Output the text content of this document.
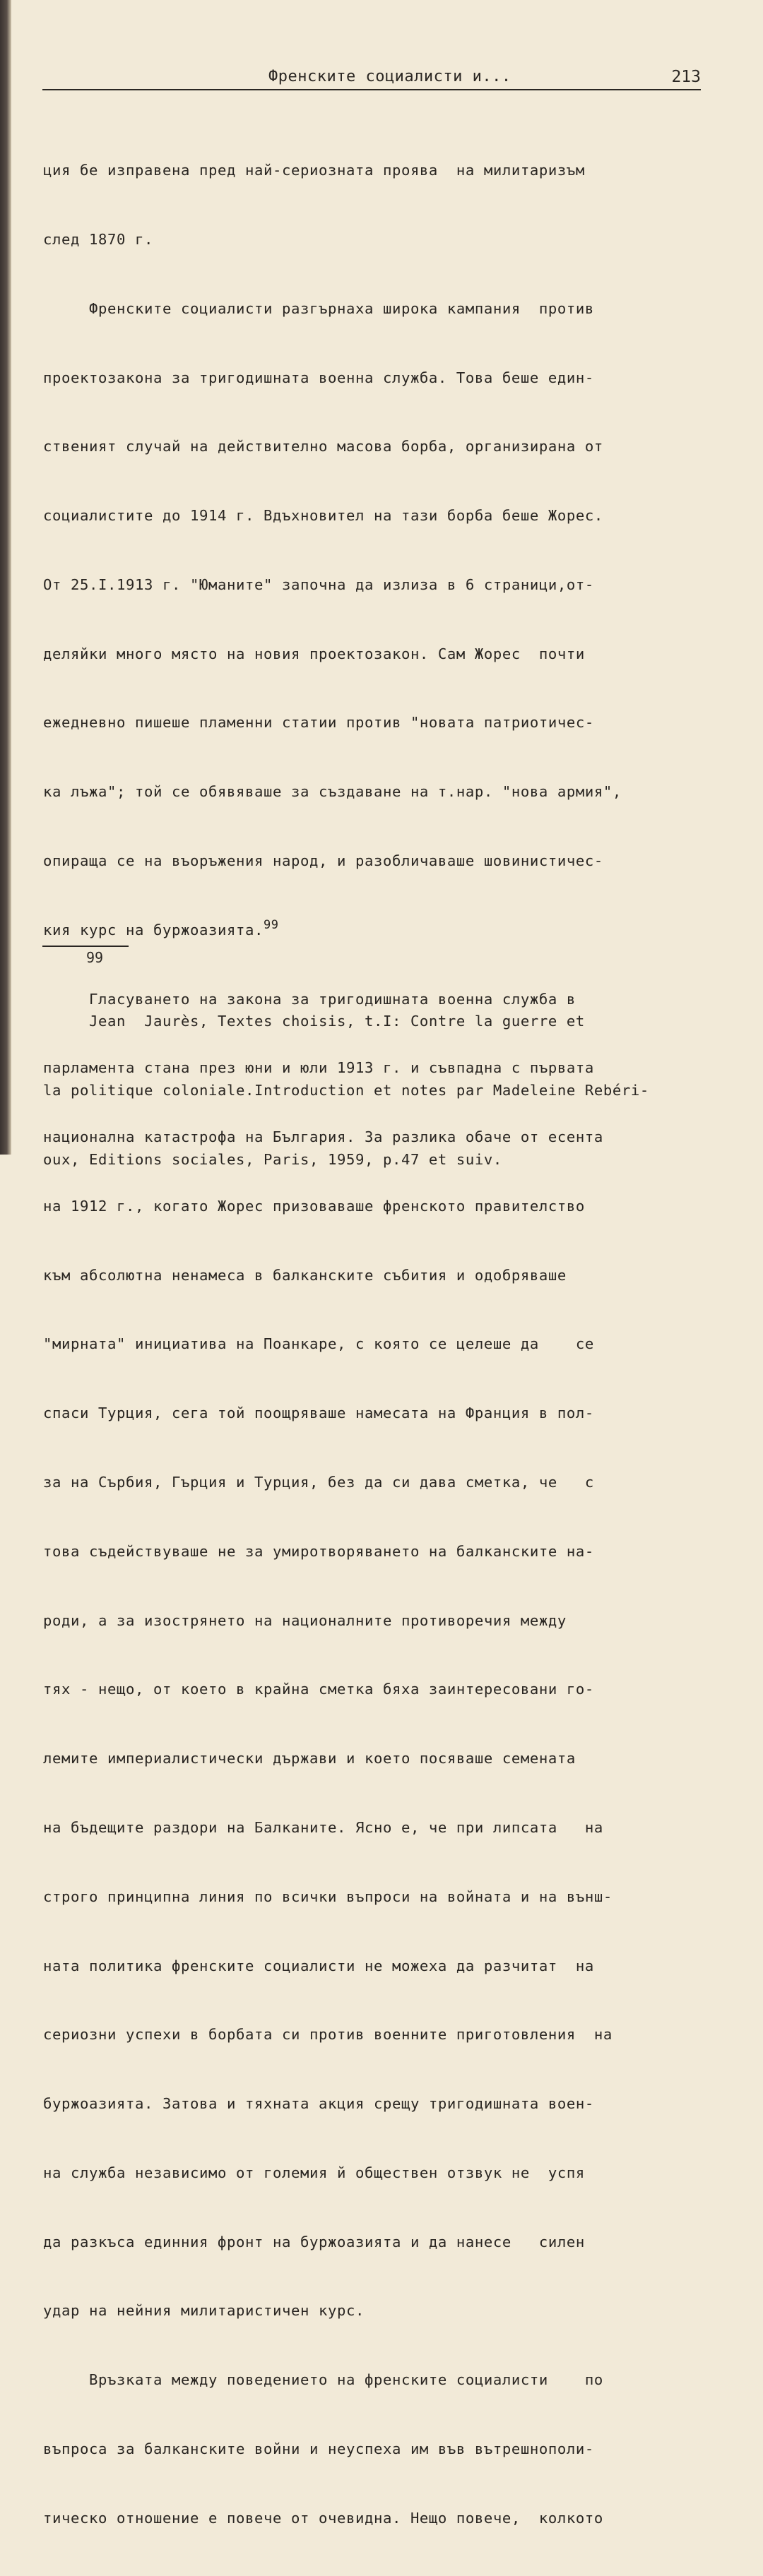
Френските социалисти и...	213

ция бе изправена пред най-сериозната проява  на милитаризъм

след 1870 г.

Френските социалисти разгърнаха широка кампания  против

проектозакона за тригодишната военна служба. Това беше един-

ственият случай на действително масова борба, организирана от

социалистите до 1914 г. Вдъхновител на тази борба беше Жорес.

От 25.I.1913 г. "Юманите" започна да излиза в 6 страници,от-

деляйки много място на новия проектозакон. Сам Жорес  почти

ежедневно пишеше пламенни статии против "новата патриотичес-

ка лъжа"; той се обявяваше за създаване на т.нар. "нова армия",

опираща се на въоръжения народ, и разобличаваше шовинистичес-

кия курс на буржоазията.$^{99}$

Гласуването на закона за тригодишната военна служба в

парламента стана през юни и юли 1913 г. и съвпадна с първата

национална катастрофа на България. За разлика обаче от есента

на 1912 г., когато Жорес призоваваше френското правителство

към абсолютна ненамеса в балканските събития и одобряваше

"мирната" инициатива на Поанкаре, с която се целеше да    се

спаси Турция, сега той поощряваше намесата на Франция в пол-

за на Сърбия, Гърция и Турция, без да си дава сметка, че   с

това съдействуваше не за умиротворяването на балканските на-

роди, а за изострянето на националните противоречия между

тях - нещо, от което в крайна сметка бяха заинтересовани го-

лемите империалистически държави и което посяваше семената

на бъдещите раздори на Балканите. Ясно е, че при липсата   на

строго принципна линия по всички въпроси на войната и на външ-

ната политика френските социалисти не можеха да разчитат  на

сериозни успехи в борбата си против военните приготовления  на

буржоазията. Затова и тяхната акция срещу тригодишната воен-

на служба независимо от големия й обществен отзвук не  успя

да разкъса единния фронт на буржоазията и да нанесе   силен

удар на нейния милитаристичен курс.

Връзката между поведението на френските социалисти    по

въпроса за балканските войни и неуспеха им във вътрешнополи-

тическо отношение е повече от очевидна. Нещо повече,  колкото

99

Jean  Jaurès, Textes choisis, t.I: Contre la guerre et

la politique coloniale.Introduction et notes par Madeleine Rebéri-

oux, Editions sociales, Paris, 1959, p.47 et suiv.
